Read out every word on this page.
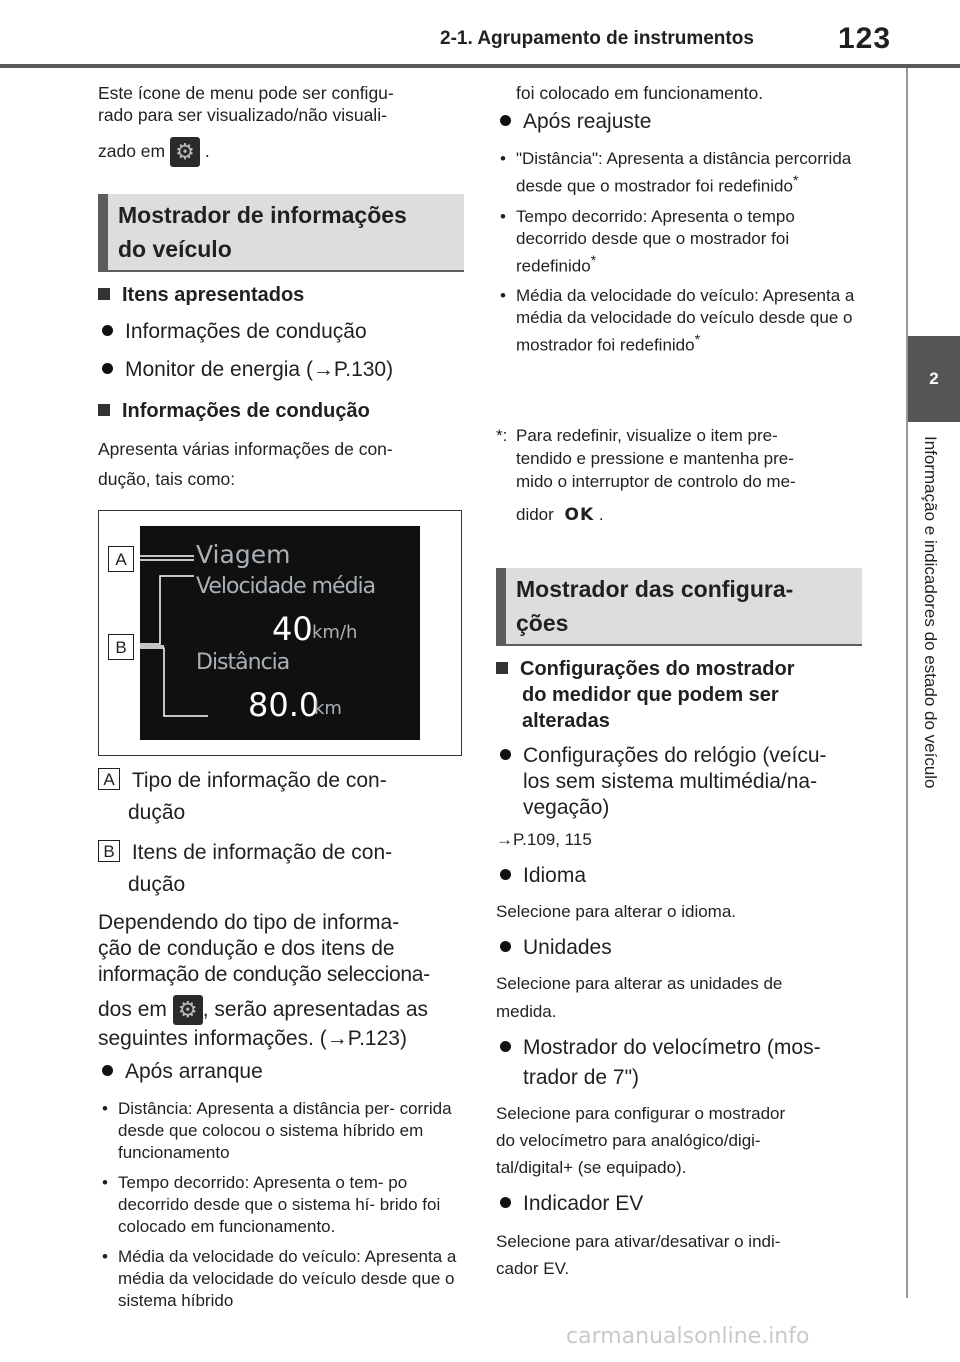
2-1. Agrupamento de instrumentos	123
2
Informação e indicadores do estado do veículo

Este ícone de menu pode ser configu-

rado para ser visualizado/não visuali-

zado em ⚙ .

Mostrador de informações
do veículo
Itens apresentados
Informações de condução
Monitor de energia (→P.130)
Informações de condução

Apresenta várias informações de con-

dução, tais como:

Viagem
Velocidade média
40 km/h
Distância
80.0
km
A
B

A Tipo de informação de con-

dução

B Itens de informação de con-

dução

Dependendo do tipo de informa-

ção de condução e dos itens de

informação de condução selecciona-

dos em ⚙ , serão apresentadas as

seguintes informações. (→P.123)

Após arranque
• Distância: Apresenta a distância per- corrida desde que colocou o sistema híbrido em funcionamento
• Tempo decorrido: Apresenta o tem- po decorrido desde que o sistema hí- brido foi colocado em funcionamento.
• Média da velocidade do veículo: Apresenta a média da velocidade do veículo desde que o sistema híbrido
foi colocado em funcionamento.
Após reajuste
• "Distância": Apresenta a distância percorrida desde que o mostrador foi redefinido*
• Tempo decorrido: Apresenta o tempo decorrido desde que o mostrador foi redefinido*
• Média da velocidade do veículo: Apresenta a média da velocidade do veículo desde que o mostrador foi redefinido*
*: Para redefinir, visualize o item pre-
tendido e pressione e mantenha pre-
mido o interruptor de controlo do me-
didor OK .
Mostrador das configura-
ções
Configurações do mostrador
do medidor que podem ser
alteradas
Configurações do relógio (veícu-
los sem sistema multimédia/na-
vegação)
→P.109, 115
Idioma
Selecione para alterar o idioma.
Unidades

Selecione para alterar as unidades de

medida.

Mostrador do velocímetro (mos-
trador de 7")

Selecione para configurar o mostrador

do velocímetro para analógico/digi-

tal/digital+ (se equipado).

Indicador EV

Selecione para ativar/desativar o indi-

cador EV.

carmanualsonline.info
